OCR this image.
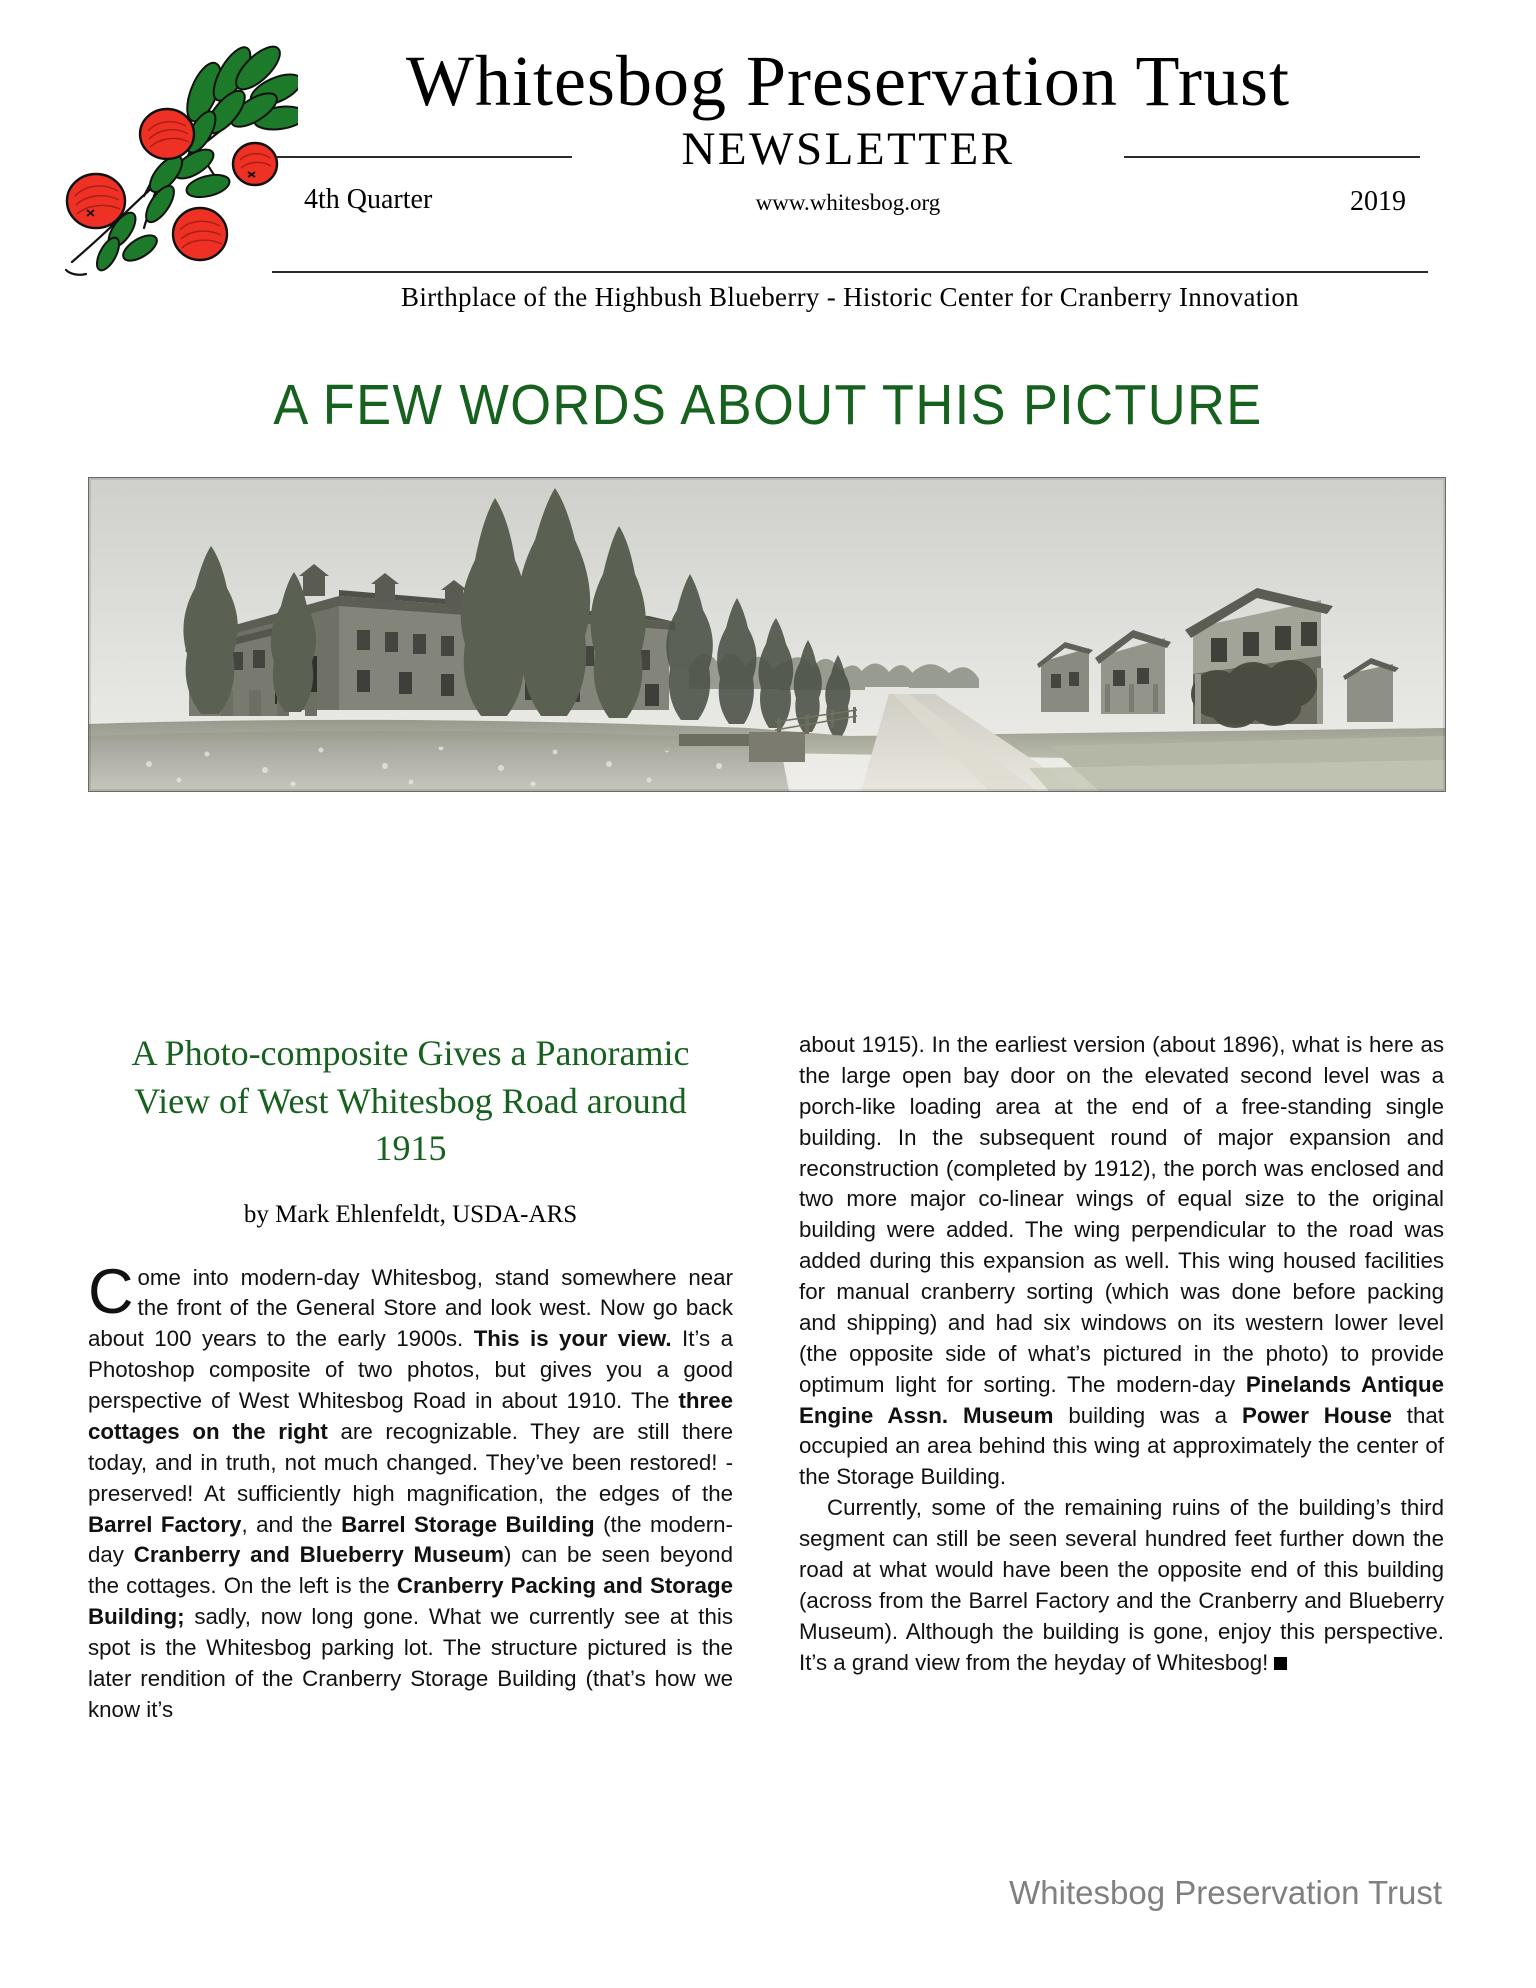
Whitesbog Preservation Trust
NEWSLETTER
4th Quarter	www.whitesbog.org	2019
Birthplace of the Highbush Blueberry - Historic Center for Cranberry Innovation
A FEW WORDS ABOUT THIS PICTURE
A Photo-composite Gives a Panoramic View of West Whitesbog Road around 1915
by Mark Ehlenfeldt, USDA-ARS

Come into modern-day Whitesbog, stand somewhere near the front of the General Store and look west. Now go back about 100 years to the early 1900s. This is your view. It’s a Photoshop composite of two photos, but gives you a good perspective of West Whitesbog Road in about 1910. The three cottages on the right are recognizable. They are still there today, and in truth, not much changed. They’ve been restored! - preserved! At sufficiently high magnification, the edges of the Barrel Factory, and the Barrel Storage Building (the modern-day Cranberry and Blueberry Museum) can be seen beyond the cottages. On the left is the Cranberry Packing and Storage Building; sadly, now long gone. What we currently see at this spot is the Whitesbog parking lot. The structure pictured is the later rendition of the Cranberry Storage Building (that’s how we know it’s

about 1915). In the earliest version (about 1896), what is here as the large open bay door on the elevated second level was a porch-like loading area at the end of a free-standing single building. In the subsequent round of major expansion and reconstruction (completed by 1912), the porch was enclosed and two more major co-linear wings of equal size to the original building were added. The wing perpendicular to the road was added during this expansion as well. This wing housed facilities for manual cranberry sorting (which was done before packing and shipping) and had six windows on its western lower level (the opposite side of what’s pictured in the photo) to provide optimum light for sorting. The modern-day Pinelands Antique Engine Assn. Museum building was a Power House that occupied an area behind this wing at approximately the center of the Storage Building.

Currently, some of the remaining ruins of the building’s third segment can still be seen several hundred feet further down the road at what would have been the opposite end of this building (across from the Barrel Factory and the Cranberry and Blueberry Museum). Although the building is gone, enjoy this perspective. It’s a grand view from the heyday of Whitesbog!

Whitesbog Preservation Trust
